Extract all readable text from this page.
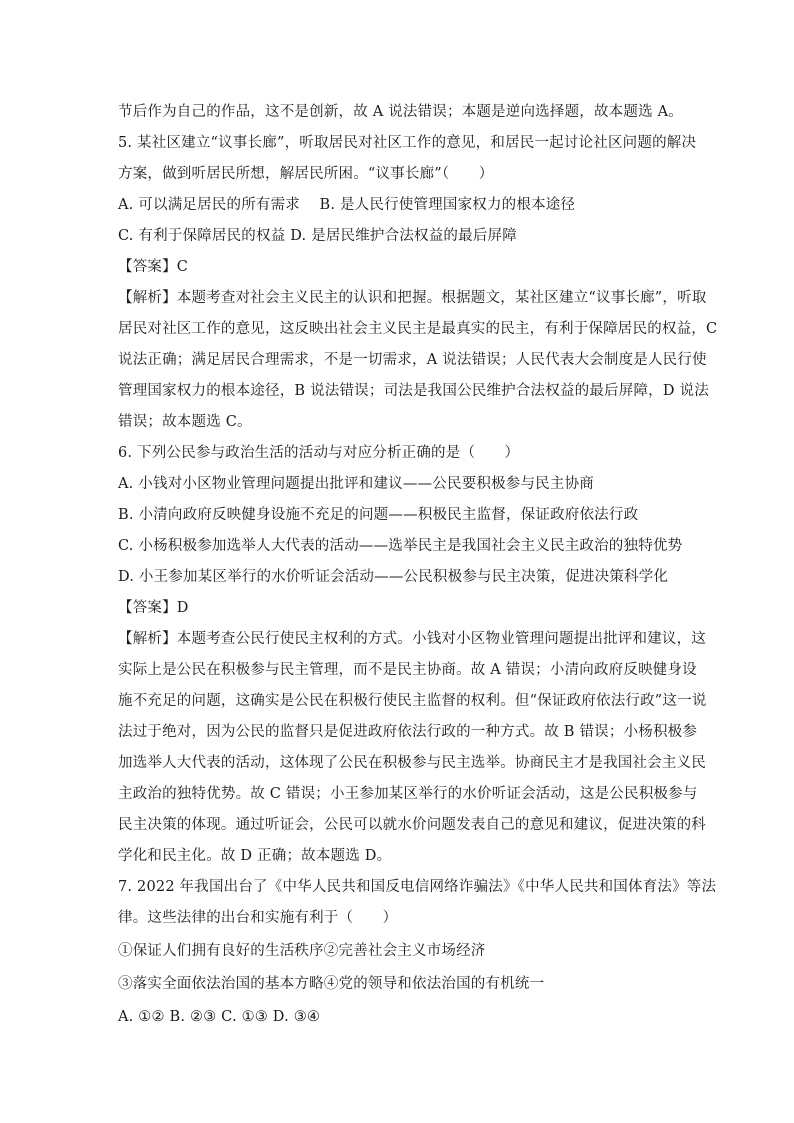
节后作为自己的作品，这不是创新，故 A 说法错误；本题是逆向选择题，故本题选 A。
5. 某社区建立“议事长廊”，听取居民对社区工作的意见，和居民一起讨论社区问题的解决
方案，做到听居民所想，解居民所困。“议事长廊”（　　）
A. 可以满足居民的所有需求　 B. 是人民行使管理国家权力的根本途径
C. 有利于保障居民的权益 D. 是居民维护合法权益的最后屏障
【答案】C
【解析】本题考查对社会主义民主的认识和把握。根据题文，某社区建立“议事长廊”，听取
居民对社区工作的意见，这反映出社会主义民主是最真实的民主，有利于保障居民的权益，C
说法正确；满足居民合理需求，不是一切需求，A 说法错误；人民代表大会制度是人民行使
管理国家权力的根本途径，B 说法错误；司法是我国公民维护合法权益的最后屏障，D 说法
错误；故本题选 C。
6. 下列公民参与政治生活的活动与对应分析正确的是（　　）
A. 小钱对小区物业管理问题提出批评和建议——公民要积极参与民主协商
B. 小清向政府反映健身设施不充足的问题——积极民主监督，保证政府依法行政
C. 小杨积极参加选举人大代表的活动——选举民主是我国社会主义民主政治的独特优势
D. 小王参加某区举行的水价听证会活动——公民积极参与民主决策，促进决策科学化
【答案】D
【解析】本题考查公民行使民主权利的方式。小钱对小区物业管理问题提出批评和建议，这
实际上是公民在积极参与民主管理，而不是民主协商。故 A 错误；小清向政府反映健身设
施不充足的问题，这确实是公民在积极行使民主监督的权利。但“保证政府依法行政”这一说
法过于绝对，因为公民的监督只是促进政府依法行政的一种方式。故 B 错误；小杨积极参
加选举人大代表的活动，这体现了公民在积极参与民主选举。协商民主才是我国社会主义民
主政治的独特优势。故 C 错误；小王参加某区举行的水价听证会活动，这是公民积极参与
民主决策的体现。通过听证会，公民可以就水价问题发表自己的意见和建议，促进决策的科
学化和民主化。故 D 正确；故本题选 D。
7. 2022 年我国出台了《中华人民共和国反电信网络诈骗法》《中华人民共和国体育法》等法
律。这些法律的出台和实施有利于（　　）
①保证人们拥有良好的生活秩序②完善社会主义市场经济
③落实全面依法治国的基本方略④党的领导和依法治国的有机统一
A. ①② B. ②③ C. ①③ D. ③④
